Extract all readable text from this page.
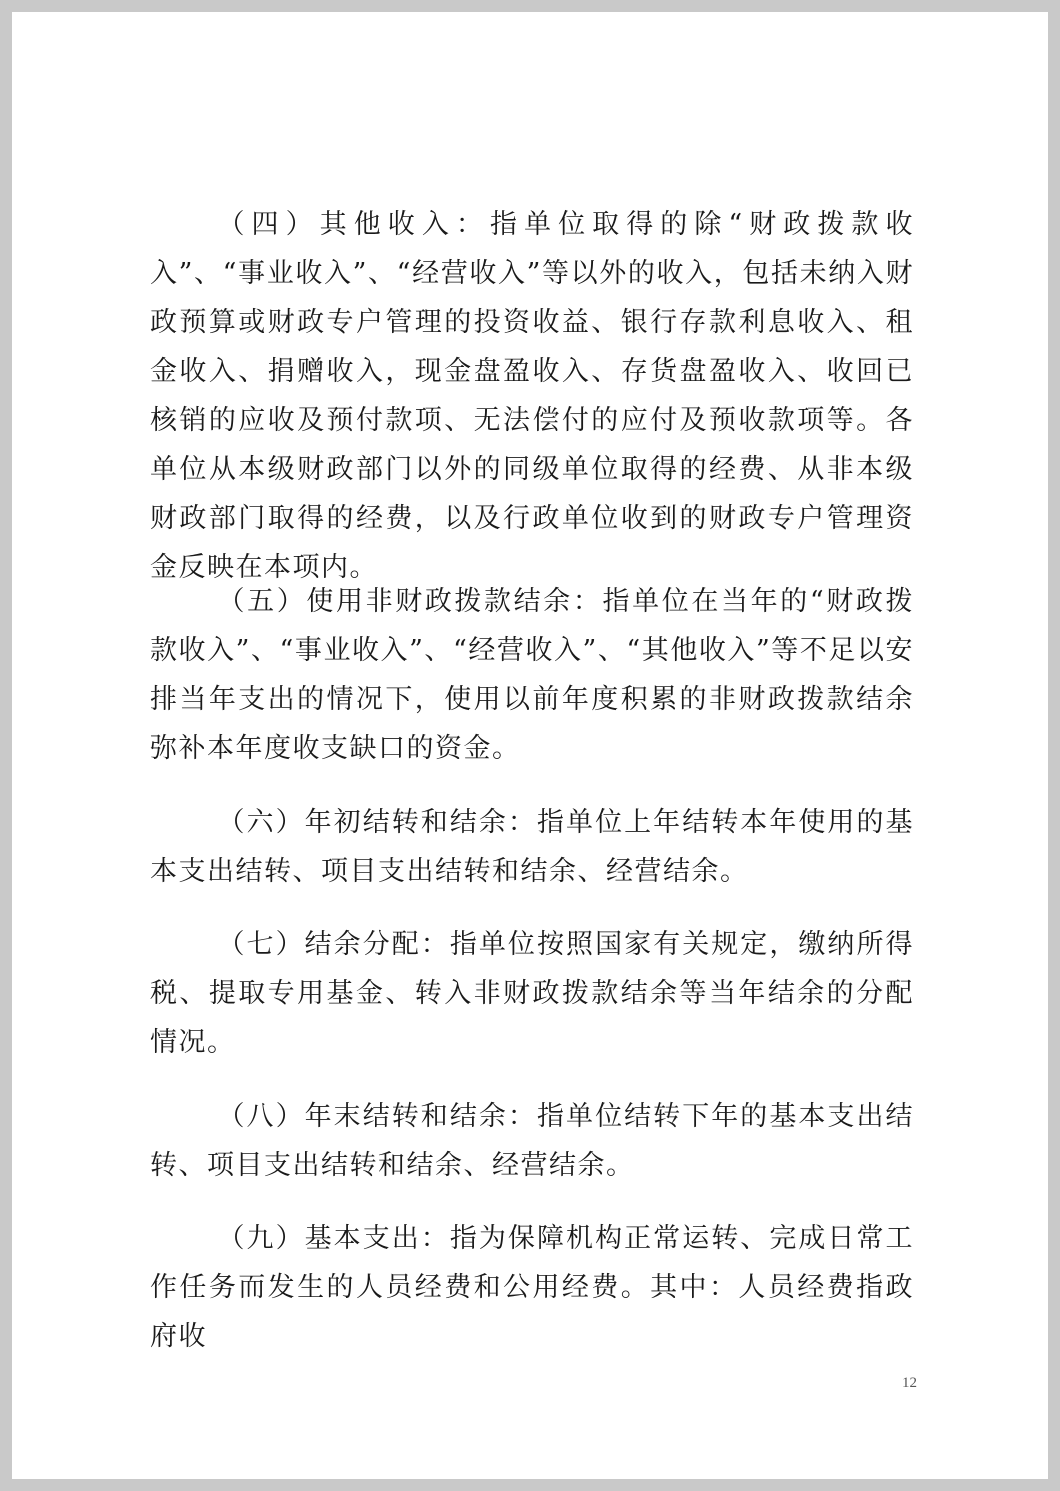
（四）其他收入：指单位取得的除“财政拨款收入”、“事业收入”、“经营收入”等以外的收入，包括未纳入财政预算或财政专户管理的投资收益、银行存款利息收入、租金收入、捐赠收入，现金盘盈收入、存货盘盈收入、收回已核销的应收及预付款项、无法偿付的应付及预收款项等。各单位从本级财政部门以外的同级单位取得的经费、从非本级财政部门取得的经费，以及行政单位收到的财政专户管理资金反映在本项内。

（五）使用非财政拨款结余：指单位在当年的“财政拨款收入”、“事业收入”、“经营收入”、“其他收入”等不足以安排当年支出的情况下，使用以前年度积累的非财政拨款结余弥补本年度收支缺口的资金。

（六）年初结转和结余：指单位上年结转本年使用的基本支出结转、项目支出结转和结余、经营结余。

（七）结余分配：指单位按照国家有关规定，缴纳所得税、提取专用基金、转入非财政拨款结余等当年结余的分配情况。

（八）年末结转和结余：指单位结转下年的基本支出结转、项目支出结转和结余、经营结余。

（九）基本支出：指为保障机构正常运转、完成日常工作任务而发生的人员经费和公用经费。其中：人员经费指政府收

12
